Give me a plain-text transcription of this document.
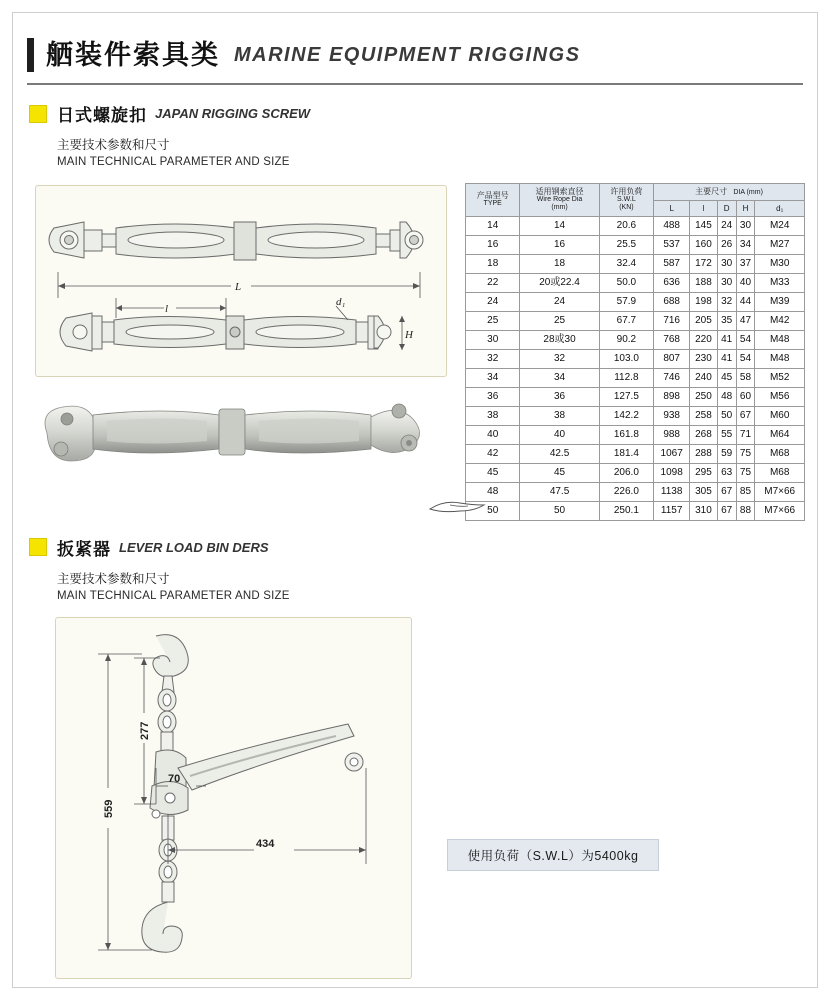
舾装件索具类 MARINE EQUIPMENT RIGGINGS
日式螺旋扣 JAPAN RIGGING SCREW
主要技术参数和尺寸
MAIN TECHNICAL PARAMETER AND SIZE
L
l
d₁
H
产品型号
TYPE	适用钢索直径
Wire Rope Dia
(mm)	许用负荷
S.W.L
(KN)	主要尺寸 DIA (mm)				
			L	l	D	H	d₁
14	14	20.6	488	145	24	30	M24
16	16	25.5	537	160	26	34	M27
18	18	32.4	587	172	30	37	M30
22	20或22.4	50.0	636	188	30	40	M33
24	24	57.9	688	198	32	44	M39
25	25	67.7	716	205	35	47	M42
30	28或30	90.2	768	220	41	54	M48
32	32	103.0	807	230	41	54	M48
34	34	112.8	746	240	45	58	M52
36	36	127.5	898	250	48	60	M56
38	38	142.2	938	258	50	67	M60
40	40	161.8	988	268	55	71	M64
42	42.5	181.4	1067	288	59	75	M68
45	45	206.0	1098	295	63	75	M68
48	47.5	226.0	1138	305	67	85	M7×66
50	50	250.1	1157	310	67	88	M7×66
扳紧器 LEVER LOAD BIN DERS
主要技术参数和尺寸
MAIN TECHNICAL PARAMETER AND SIZE
277
70
559
434
使用负荷（S.W.L）为5400kg
